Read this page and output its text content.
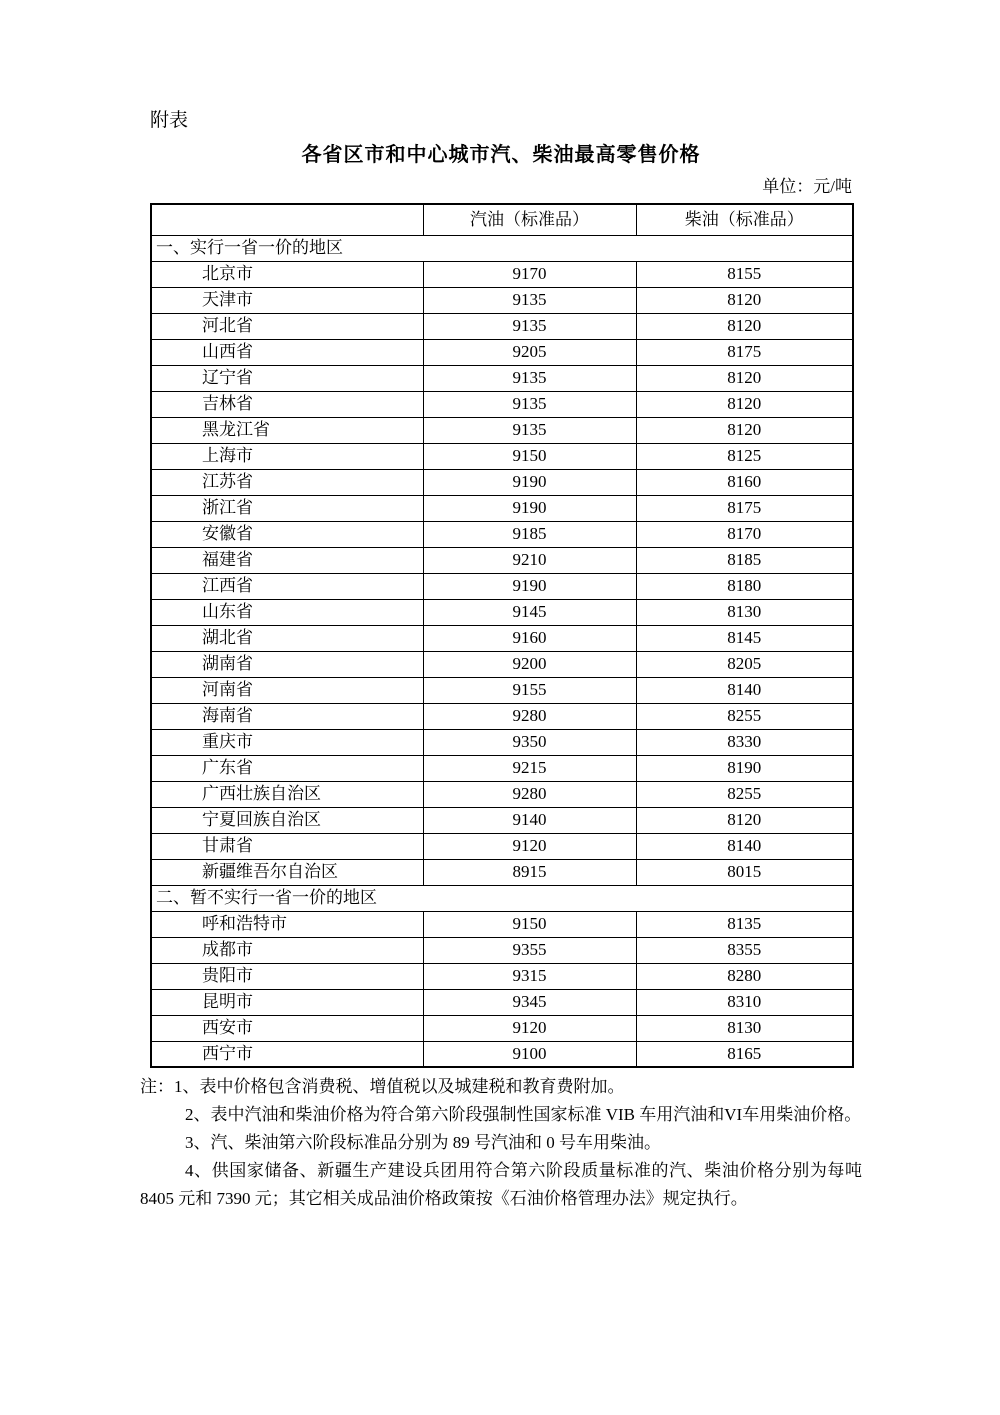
附表
各省区市和中心城市汽、柴油最高零售价格
单位：元/吨
	汽油（标准品）	柴油（标准品）
一、实行一省一价的地区		
北京市	9170	8155
天津市	9135	8120
河北省	9135	8120
山西省	9205	8175
辽宁省	9135	8120
吉林省	9135	8120
黑龙江省	9135	8120
上海市	9150	8125
江苏省	9190	8160
浙江省	9190	8175
安徽省	9185	8170
福建省	9210	8185
江西省	9190	8180
山东省	9145	8130
湖北省	9160	8145
湖南省	9200	8205
河南省	9155	8140
海南省	9280	8255
重庆市	9350	8330
广东省	9215	8190
广西壮族自治区	9280	8255
宁夏回族自治区	9140	8120
甘肃省	9120	8140
新疆维吾尔自治区	8915	8015
二、暂不实行一省一价的地区		
呼和浩特市	9150	8135
成都市	9355	8355
贵阳市	9315	8280
昆明市	9345	8310
西安市	9120	8130
西宁市	9100	8165

注：1、表中价格包含消费税、增值税以及城建税和教育费附加。

2、表中汽油和柴油价格为符合第六阶段强制性国家标准 VIB 车用汽油和VI车用柴油价格。

3、汽、柴油第六阶段标准品分别为 89 号汽油和 0 号车用柴油。

4、供国家储备、新疆生产建设兵团用符合第六阶段质量标准的汽、柴油价格分别为每吨 8405 元和 7390 元；其它相关成品油价格政策按《石油价格管理办法》规定执行。
